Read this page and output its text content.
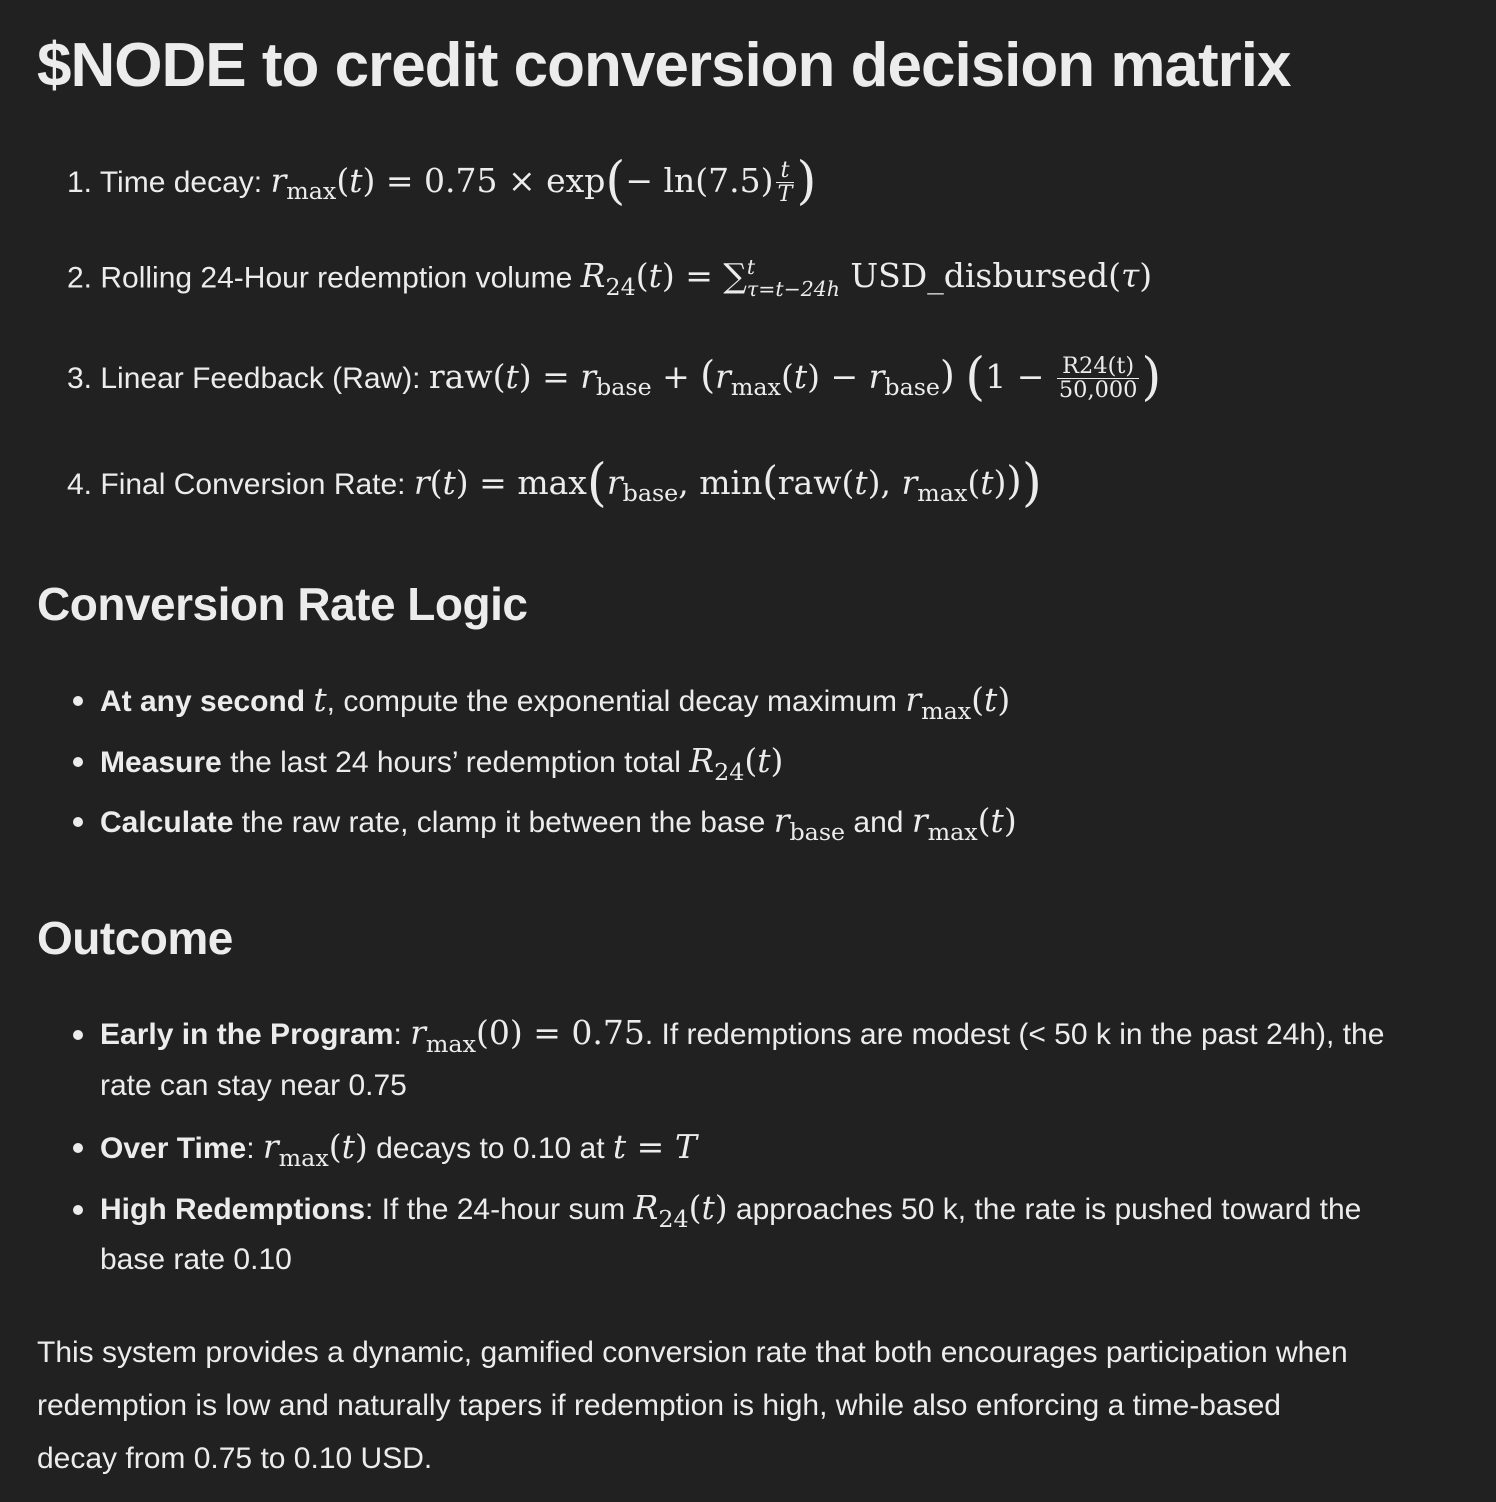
$NODE to credit conversion decision matrix
1. Time decay: $r_{max}(t) = 0.75 \times \exp(- \ln(7.5) \frac{t}{T}$ )
2. Rolling 24-Hour redemption volume $R_{24}(t)$ = ∑ t
τ=t−24h USD_disbursed(τ)
3. Linear Feedback (Raw): $raw(t) = r_{base} + (r_{max}(t) - r_{base}) (1 - \frac{R24(t)}{50,000}$ )
4. Final Conversion Rate: $r(t) = \max(r_{base}$, min(raw(t), $r_{max}(t)$))
Conversion Rate Logic
At any second t, compute the exponential decay maximum $r_{max}(t)$
Measure the last 24 hours’ redemption total $R_{24}(t)$
Calculate the raw rate, clamp it between the base $r_{base}$ and $r_{max}(t)$
Outcome
Early in the Program: $r_{max}(0) = 0.75$. If redemptions are modest (< 50 k in the past 24h), the
rate can stay near 0.75
Over Time: $r_{max}(t)$ decays to 0.10 at t = T
High Redemptions: If the 24-hour sum $R_{24}(t)$ approaches 50 k, the rate is pushed toward the
base rate 0.10
This system provides a dynamic, gamified conversion rate that both encourages participation when
redemption is low and naturally tapers if redemption is high, while also enforcing a time-based
decay from 0.75 to 0.10 USD.
